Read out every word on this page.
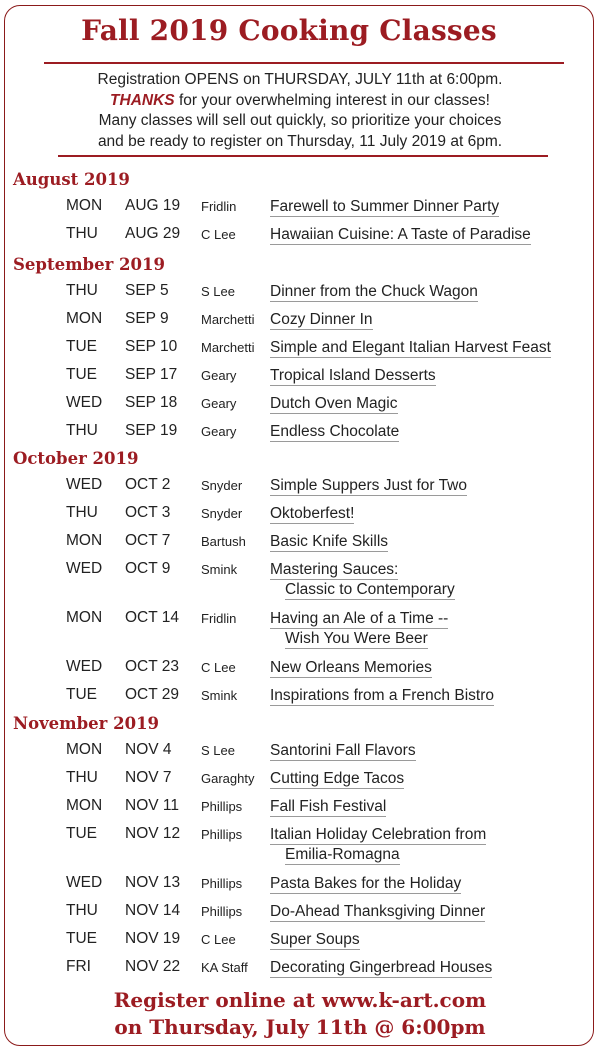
Fall 2019 Cooking Classes
Registration OPENS on THURSDAY, JULY 11th at 6:00pm.
THANKS for your overwhelming interest in our classes!
Many classes will sell out quickly, so prioritize your choices
and be ready to register on Thursday, 11 July 2019 at 6pm.
August 2019
MON AUG 19 Fridlin Farewell to Summer Dinner Party
THU AUG 29 C Lee Hawaiian Cuisine: A Taste of Paradise
September 2019
THU SEP 5 S Lee Dinner from the Chuck Wagon
MON SEP 9 Marchetti Cozy Dinner In
TUE SEP 10 Marchetti Simple and Elegant Italian Harvest Feast
TUE SEP 17 Geary Tropical Island Desserts
WED SEP 18 Geary Dutch Oven Magic
THU SEP 19 Geary Endless Chocolate
October 2019
WED OCT 2 Snyder Simple Suppers Just for Two
THU OCT 3 Snyder Oktoberfest!
MON OCT 7 Bartush Basic Knife Skills
WED OCT 9 Smink Mastering Sauces:
Classic to Contemporary
MON OCT 14 Fridlin Having an Ale of a Time --
Wish You Were Beer
WED OCT 23 C Lee New Orleans Memories
TUE OCT 29 Smink Inspirations from a French Bistro
November 2019
MON NOV 4 S Lee Santorini Fall Flavors
THU NOV 7 Garaghty Cutting Edge Tacos
MON NOV 11 Phillips Fall Fish Festival
TUE NOV 12 Phillips Italian Holiday Celebration from
Emilia-Romagna
WED NOV 13 Phillips Pasta Bakes for the Holiday
THU NOV 14 Phillips Do-Ahead Thanksgiving Dinner
TUE NOV 19 C Lee Super Soups
FRI NOV 22 KA Staff Decorating Gingerbread Houses
Register online at www.k-art.com
on Thursday, July 11th @ 6:00pm
